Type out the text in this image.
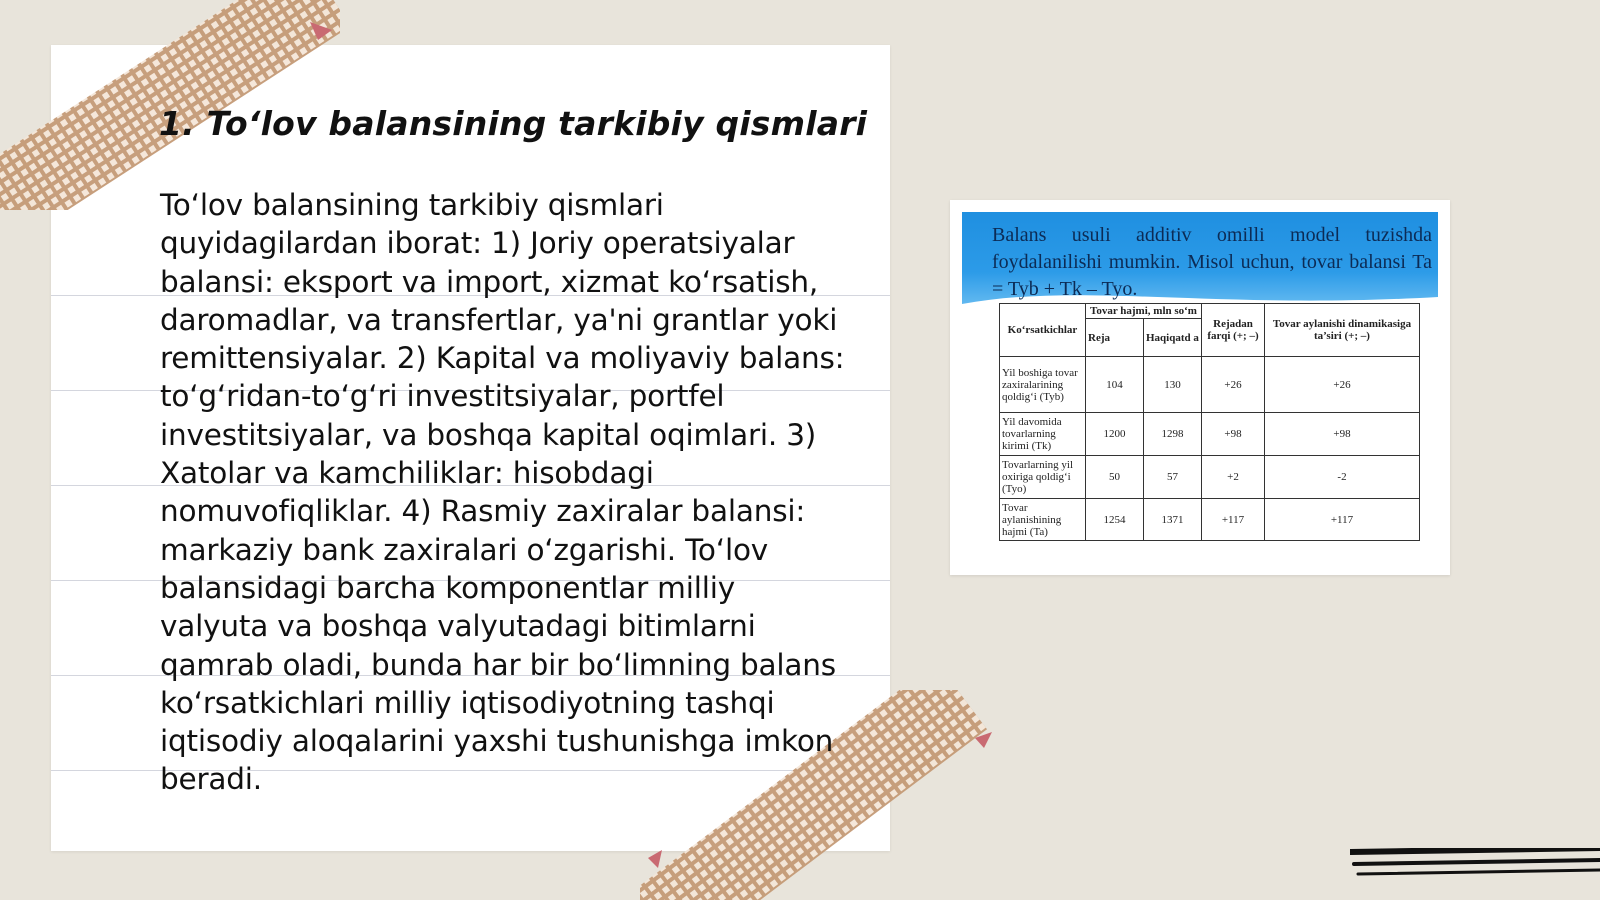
1. To‘lov balansining tarkibiy qismlari

To‘lov balansining tarkibiy qismlari quyidagilardan iborat: 1) Joriy operatsiyalar balansi: eksport va import, xizmat ko‘rsatish, daromadlar, va transfertlar, ya'ni grantlar yoki remittensiyalar. 2) Kapital va moliyaviy balans: to‘g‘ridan-to‘g‘ri investitsiyalar, portfel investitsiyalar, va boshqa kapital oqimlari. 3) Xatolar va kamchiliklar: hisobdagi nomuvofiqliklar. 4) Rasmiy zaxiralar balansi: markaziy bank zaxiralari o‘zgarishi. To‘lov balansidagi barcha komponentlar milliy valyuta va boshqa valyutadagi bitimlarni qamrab oladi, bunda har bir bo‘limning balans ko‘rsatkichlari milliy iqtisodiyotning tashqi iqtisodiy aloqalarini yaxshi tushunishga imkon beradi.

Balans usuli additiv omilli model tuzishda foydalanilishi mumkin. Misol uchun, tovar balansi Ta = Tyb + Tk – Tyo.
Ko‘rsatkichlar	Tovar hajmi, mln so‘m		Rejadan farqi (+; –)	Tovar aylanishi dinamikasiga ta’siri (+; –)
	Reja	Haqiqatd a		
Yil boshiga tovar zaxiralarining qoldig‘i (Tyb)	104	130	+26	+26
Yil davomida tovarlarning kirimi (Tk)	1200	1298	+98	+98
Tovarlarning yil oxiriga qoldig‘i (Tyo)	50	57	+2	-2
Tovar aylanishining hajmi (Ta)	1254	1371	+117	+117
